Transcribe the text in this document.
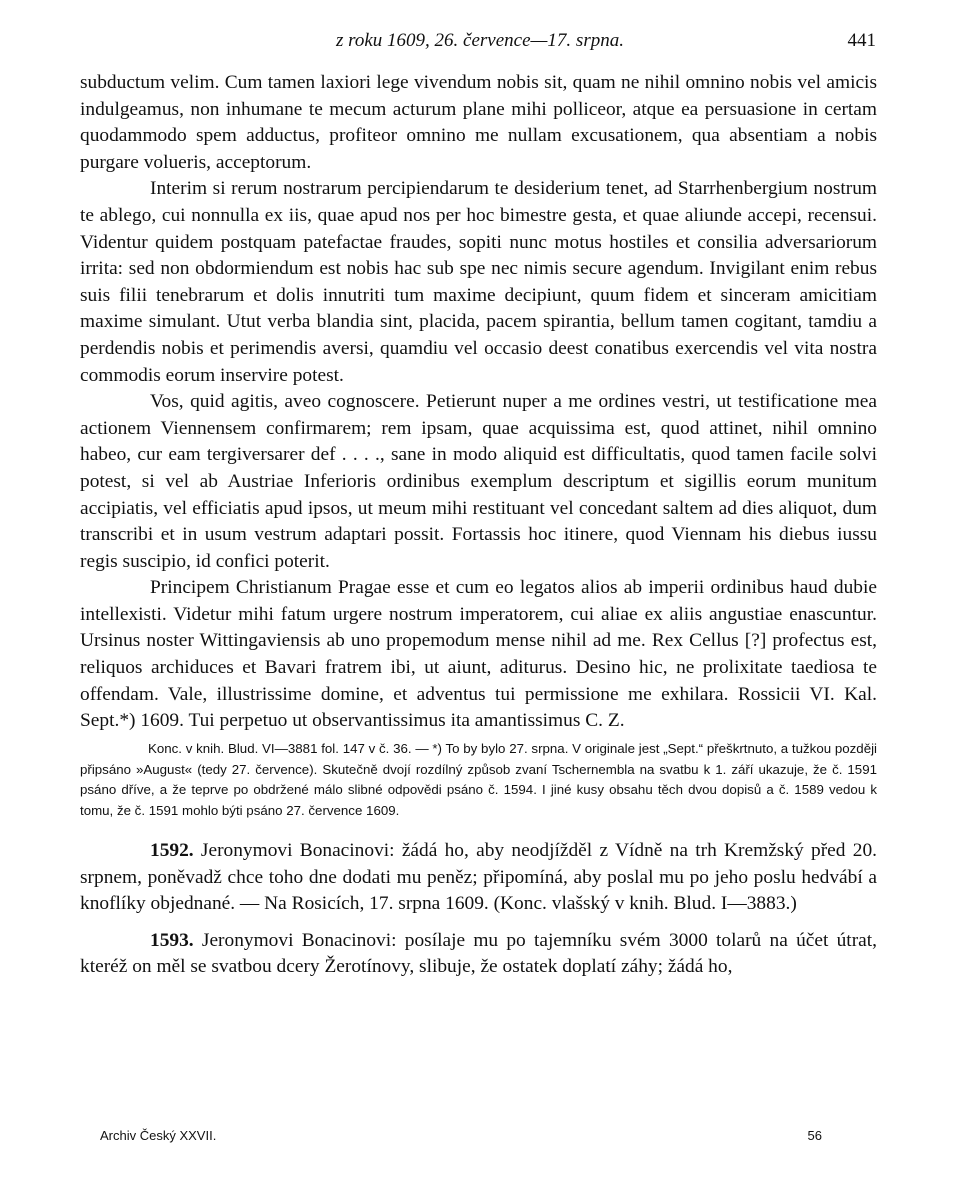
z roku 1609, 26. července—17. srpna.	441

subductum velim. Cum tamen laxiori lege vivendum nobis sit, quam ne nihil omnino nobis vel amicis indulgeamus, non inhumane te mecum acturum plane mihi polliceor, atque ea persuasione in certam quodammodo spem adductus, profiteor omnino me nullam excusationem, qua absentiam a nobis purgare volueris, acceptorum.

Interim si rerum nostrarum percipiendarum te desiderium tenet, ad Starrhenbergium nostrum te ablego, cui nonnulla ex iis, quae apud nos per hoc bimestre gesta, et quae aliunde accepi, recensui. Videntur quidem postquam patefactae fraudes, sopiti nunc motus hostiles et consilia adversariorum irrita: sed non obdormiendum est nobis hac sub spe nec nimis secure agendum. Invigilant enim rebus suis filii tenebrarum et dolis innutriti tum maxime decipiunt, quum fidem et sinceram amicitiam maxime simulant. Utut verba blandia sint, placida, pacem spirantia, bellum tamen cogitant, tamdiu a perdendis nobis et perimendis aversi, quamdiu vel occasio deest conatibus exercendis vel vita nostra commodis eorum inservire potest.

Vos, quid agitis, aveo cognoscere. Petierunt nuper a me ordines vestri, ut testificatione mea actionem Viennensem confirmarem; rem ipsam, quae acquissima est, quod attinet, nihil omnino habeo, cur eam tergiversarer def . . . ., sane in modo aliquid est difficultatis, quod tamen facile solvi potest, si vel ab Austriae Inferioris ordinibus exemplum descriptum et sigillis eorum munitum accipiatis, vel efficiatis apud ipsos, ut meum mihi restituant vel concedant saltem ad dies aliquot, dum transcribi et in usum vestrum adaptari possit. Fortassis hoc itinere, quod Viennam his diebus iussu regis suscipio, id confici poterit.

Principem Christianum Pragae esse et cum eo legatos alios ab imperii ordinibus haud dubie intellexisti. Videtur mihi fatum urgere nostrum imperatorem, cui aliae ex aliis angustiae enascuntur. Ursinus noster Wittingaviensis ab uno propemodum mense nihil ad me. Rex Cellus [?] profectus est, reliquos archiduces et Bavari fratrem ibi, ut aiunt, aditurus. Desino hic, ne prolixitate taediosa te offendam. Vale, illustrissime domine, et adventus tui permissione me exhilara. Rossicii VI. Kal. Sept.*) 1609. Tui perpetuo ut observantissimus ita amantissimus C. Z.

Konc. v knih. Blud. VI—3881 fol. 147 v č. 36. — *) To by bylo 27. srpna. V originale jest „Sept.“ přeškrtnuto, a tužkou později připsáno »August« (tedy 27. července). Skutečně dvojí rozdílný způsob zvaní Tschernembla na svatbu k 1. září ukazuje, že č. 1591 psáno dříve, a že teprve po obdržené málo slibné odpovědi psáno č. 1594. I jiné kusy obsahu těch dvou dopisů a č. 1589 vedou k tomu, že č. 1591 mohlo býti psáno 27. července 1609.

1592. Jeronymovi Bonacinovi: žádá ho, aby neodjížděl z Vídně na trh Kremžský před 20. srpnem, poněvadž chce toho dne dodati mu peněz; připomíná, aby poslal mu po jeho poslu hedvábí a knoflíky objednané. — Na Rosicích, 17. srpna 1609. (Konc. vlašský v knih. Blud. I—3883.)

1593. Jeronymovi Bonacinovi: posílaje mu po tajemníku svém 3000 tolarů na účet útrat, kteréž on měl se svatbou dcery Žerotínovy, slibuje, že ostatek doplatí záhy; žádá ho,

Archiv Český XXVII.	56
